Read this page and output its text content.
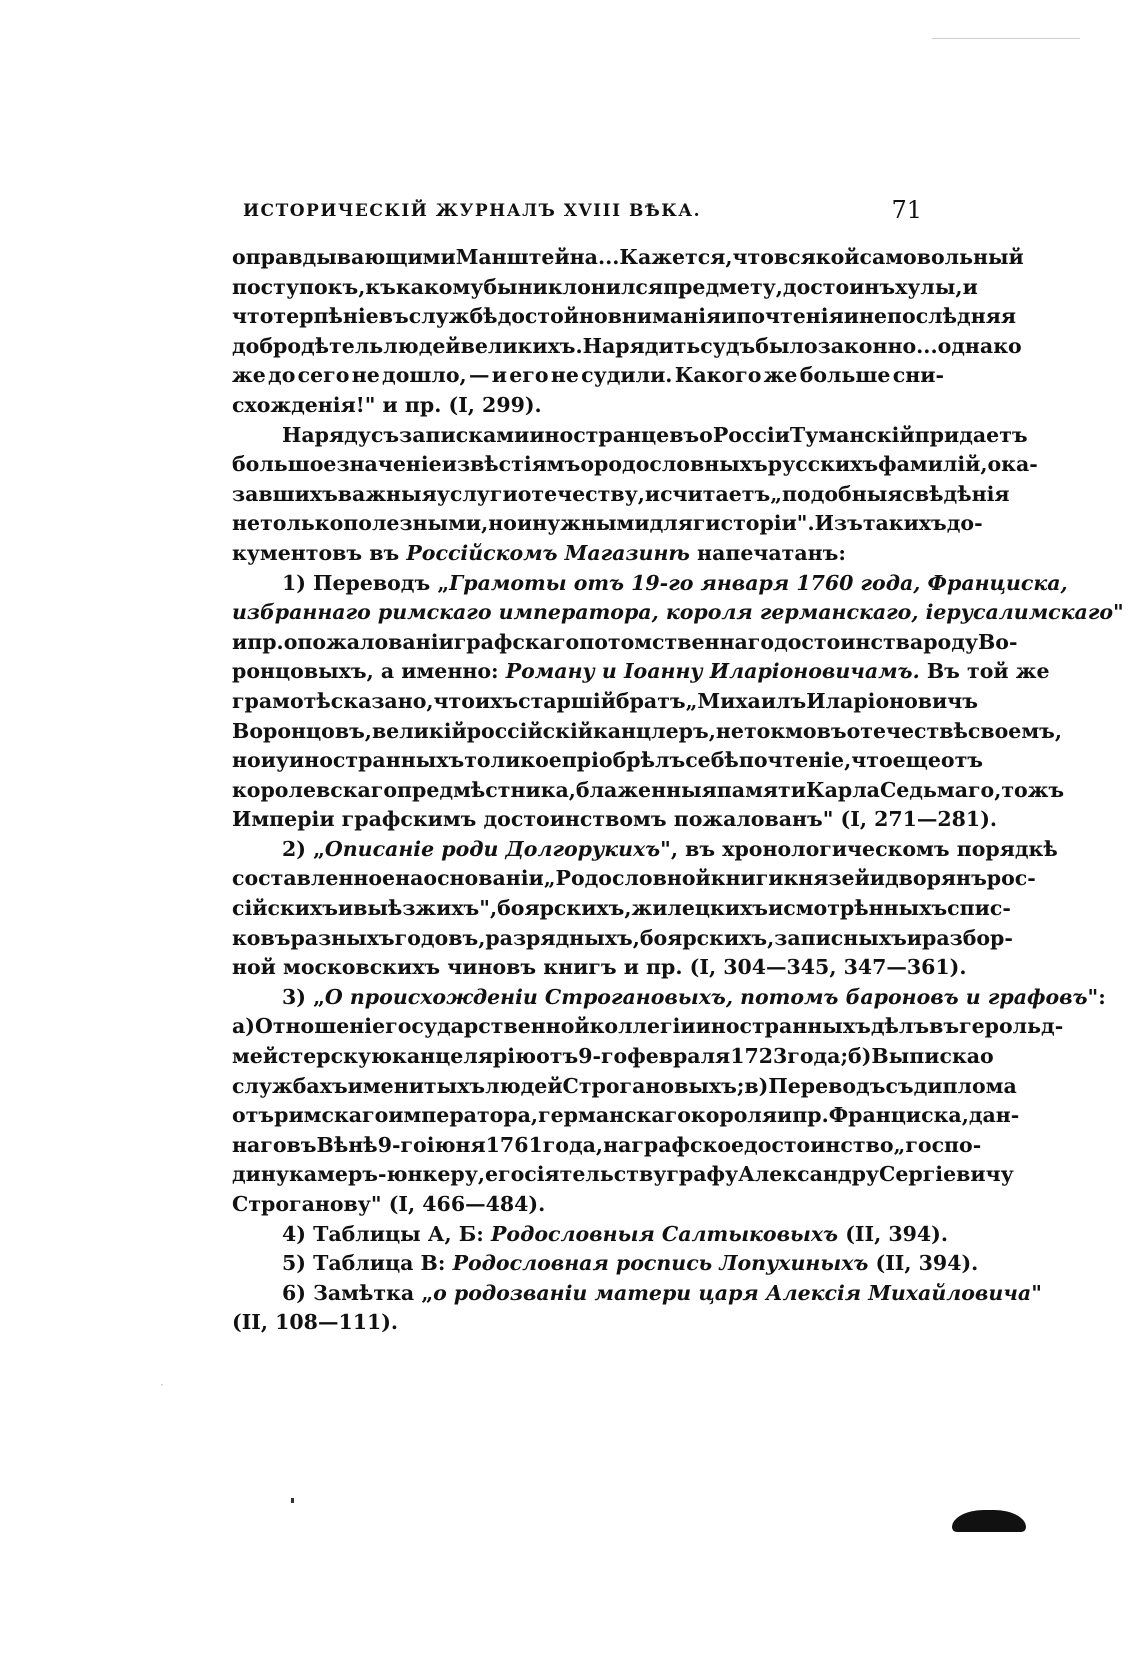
ИСТОРИЧЕСКІЙ ЖУРНАЛЪ XVIII ВѢКА.	71
оправдывающими Манштейна... Кажется, что всякой самовольный
поступокъ, къ какому бы ни клонился предмету, достоинъ хулы, и
что терпѣніе въ службѣ достойно вниманія и почтенія и не послѣдняя
добродѣтель людей великихъ. Нарядить судъ было законно... однако
же до сего не дошло, — и его не судили. Какого же больше сни-
схожденія!" и пр. (I, 299).
На ряду съ записками иностранцевъ о Россіи Туманскій придаетъ
большое значеніе извѣстіямъ о родословныхъ русскихъ фамилій, ока-
завшихъ важныя услуги отечеству, и считаетъ „подобныя свѣдѣнія
не только полезными, но и нужными для гисторіи". Изъ такихъ до-
кументовъ въ Россійскомъ Магазинѣ напечатанъ:
1) Переводъ „Грамоты отъ 19-го января 1760 года, Франциска,
избраннаго римскаго императора, короля германскаго, іерусалимскаго"
и пр. о пожалованіи графскаго потомственнаго достоинства роду Во-
ронцовыхъ, а именно: Роману и Іоанну Иларіоновичамъ. Въ той же
грамотѣ сказано, что ихъ старшій братъ „Михаилъ Иларіоновичъ
Воронцовъ, великій россійскій канцлеръ, не токмо въ отечествѣ своемъ,
но и у иностранныхъ толикое пріобрѣлъ себѣ почтеніе, что еще отъ
королевскаго предмѣстника, блаженныя памяти Карла Седьмаго, тожъ
Имперіи графскимъ достоинствомъ пожалованъ" (I, 271—281).
2) „Описаніе роди Долгорукихъ", въ хронологическомъ порядкѣ
составленное на основаніи „Родословной книги князей и дворянъ рос-
сійскихъ и выѣзжихъ", боярскихъ, жилецкихъ и смотрѣнныхъ спис-
ковъ разныхъ годовъ, разрядныхъ, боярскихъ, записныхъ и разбор-
ной московскихъ чиновъ книгъ и пр. (I, 304—345, 347—361).
3) „О происхожденіи Строгановыхъ, потомъ бароновъ и графовъ":
а) Отношеніе государственной коллегіи иностранныхъ дѣлъ въ герольд-
мейстерскую канцелярію отъ 9-го февраля 1723 года; б) Выписка о
службахъ именитыхъ людей Строгановыхъ; в) Переводъ съ диплома
отъ римскаго императора, германскаго короля и пр. Франциска, дан-
наго въ Вѣнѣ 9-го іюня 1761 года, на графское достоинство „госпо-
дину камеръ-юнкеру, его сіятельству графу Александру Сергіевичу
Строганову" (I, 466—484).
4) Таблицы А, Б: Родословныя Салтыковыхъ (II, 394).
5) Таблица В: Родословная роспись Лопухиныхъ (II, 394).
6) Замѣтка „о родозваніи матери царя Алексія Михайловича"
(II, 108—111).
·
